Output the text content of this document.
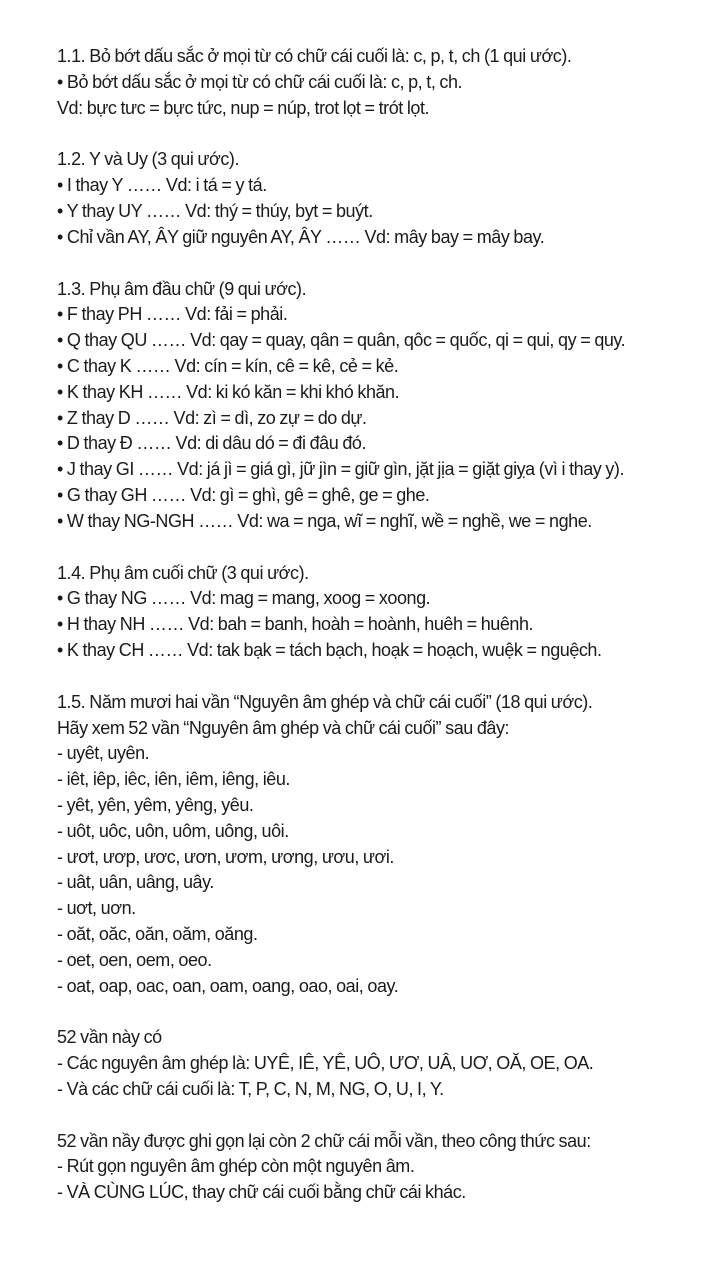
1.1. Bỏ bớt dấu sắc ở mọi từ có chữ cái cuối là: c, p, t, ch (1 qui ước).
• Bỏ bớt dấu sắc ở mọi từ có chữ cái cuối là: c, p, t, ch.
Vd: bực tưc = bực tức, nup = núp, trot lọt = trót lọt.
1.2. Y và Uy (3 qui ước).
• I thay Y …… Vd: i tá = y tá.
• Y thay UY …… Vd: thý = thúy, byt = buýt.
• Chỉ vần AY, ÂY giữ nguyên AY, ÂY …… Vd: mây bay = mây bay.
1.3. Phụ âm đầu chữ (9 qui ước).
• F thay PH …… Vd: fải = phải.
• Q thay QU …… Vd: qay = quay, qân = quân, qôc = quốc, qi = qui, qy = quy.
• C thay K …… Vd: cín = kín, cê = kê, cẻ = kẻ.
• K thay KH …… Vd: ki kó kăn = khi khó khăn.
• Z thay D …… Vd: zì = dì, zo zự = do dự.
• D thay Đ …… Vd: di dâu dó = đi đâu đó.
• J thay GI …… Vd: já jì = giá gì, jữ jìn = giữ gìn, jặt jịa = giặt giỵa (vì i thay y).
• G thay GH …… Vd: gì = ghì, gê = ghê, ge = ghe.
• W thay NG-NGH …… Vd: wa = nga, wĩ = nghĩ, wề = nghề, we = nghe.
1.4. Phụ âm cuối chữ (3 qui ước).
• G thay NG …… Vd: mag = mang, xoog = xoong.
• H thay NH …… Vd: bah = banh, hoàh = hoành, huêh = huênh.
• K thay CH …… Vd: tak bạk = tách bạch, hoạk = hoạch, wuệk = nguệch.
1.5. Năm mươi hai vần “Nguyên âm ghép và chữ cái cuối” (18 qui ước).
Hãy xem 52 vần “Nguyên âm ghép và chữ cái cuối” sau đây:
- uyêt, uyên.
- iêt, iêp, iêc, iên, iêm, iêng, iêu.
- yêt, yên, yêm, yêng, yêu.
- uôt, uôc, uôn, uôm, uông, uôi.
- ươt, ươp, ươc, ươn, ươm, ương, ươu, ươi.
- uât, uân, uâng, uây.
- uơt, uơn.
- oăt, oăc, oăn, oăm, oăng.
- oet, oen, oem, oeo.
- oat, oap, oac, oan, oam, oang, oao, oai, oay.
52 vần này có
- Các nguyên âm ghép là: UYÊ, IÊ, YÊ, UÔ, ƯƠ, UÂ, UƠ, OĂ, OE, OA.
- Và các chữ cái cuối là: T, P, C, N, M, NG, O, U, I, Y.
52 vần nầy được ghi gọn lại còn 2 chữ cái mỗi vần, theo công thức sau:
- Rút gọn nguyên âm ghép còn một nguyên âm.
- VÀ CÙNG LÚC, thay chữ cái cuối bằng chữ cái khác.
